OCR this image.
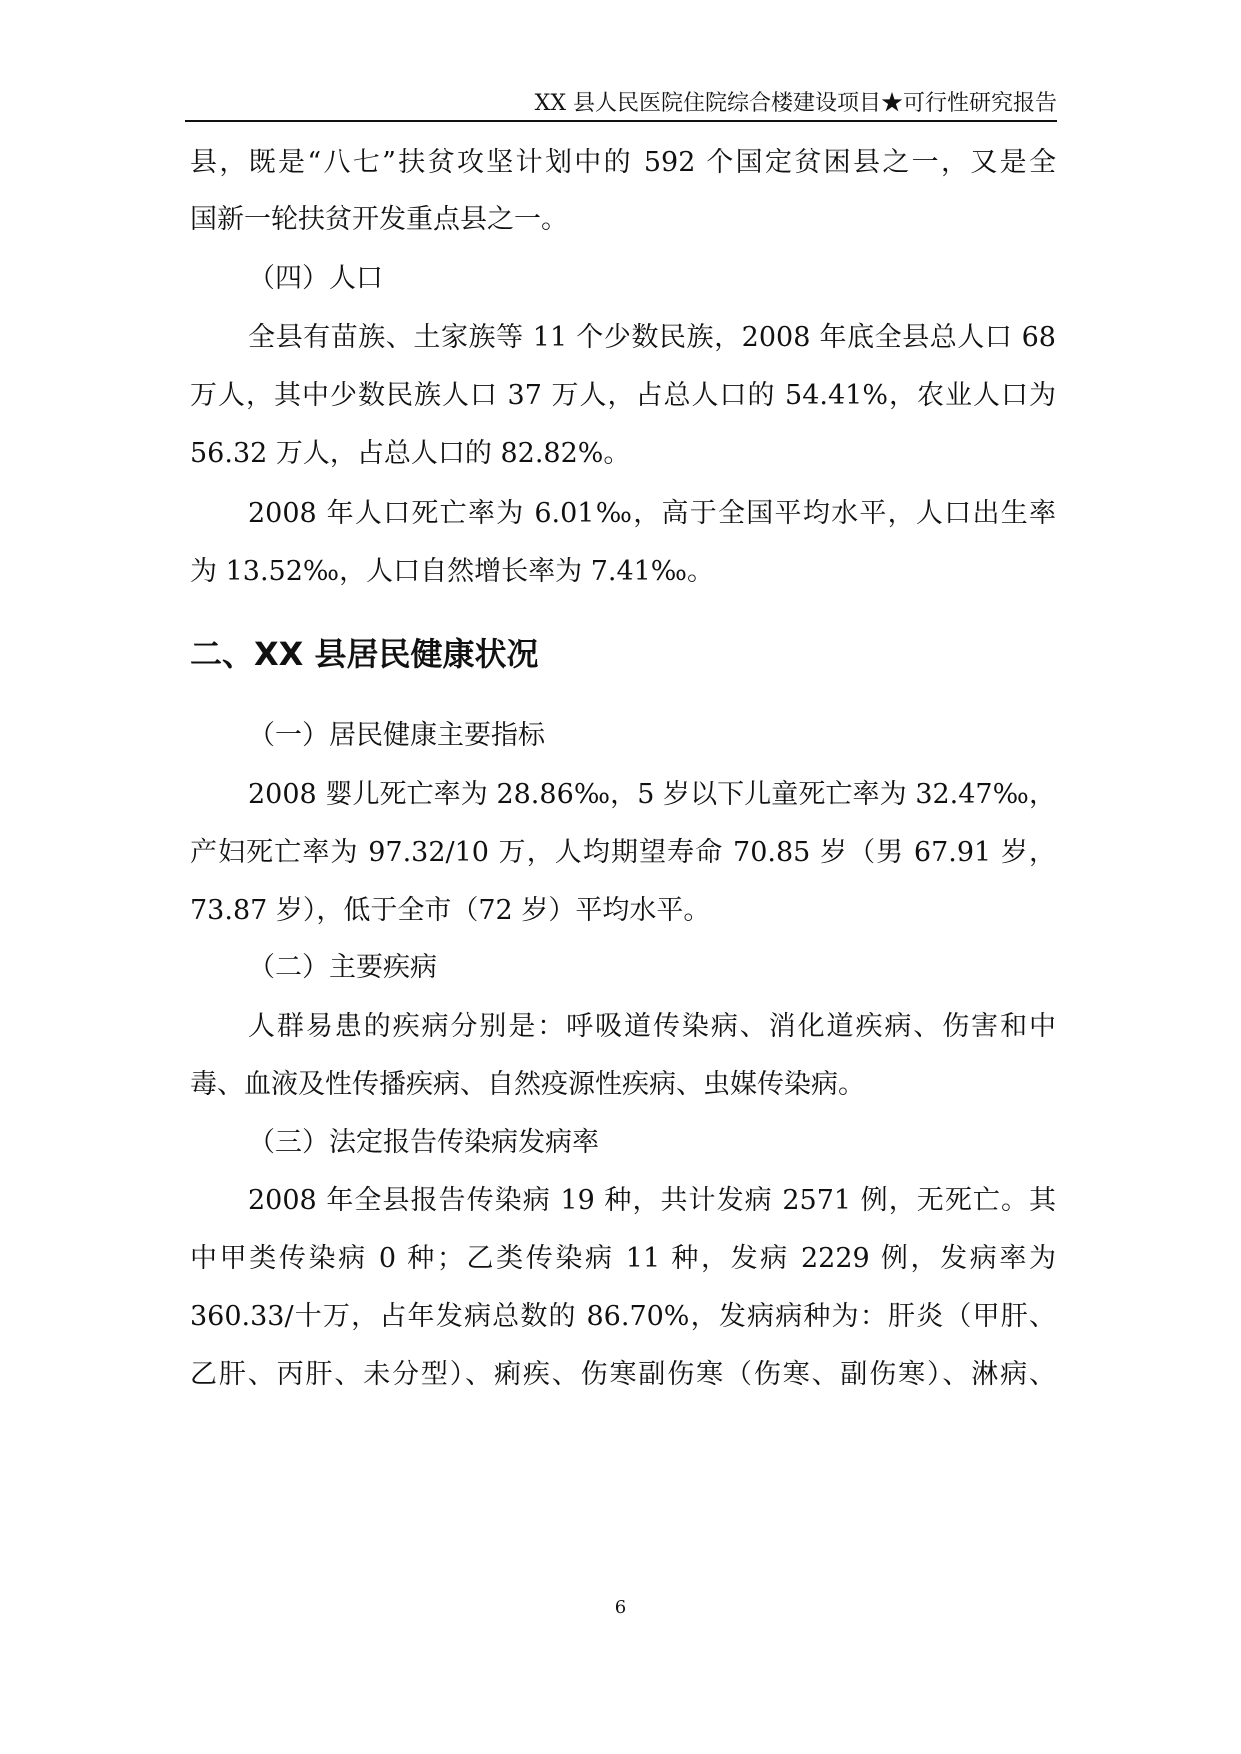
XX 县人民医院住院综合楼建设项目★可行性研究报告
县，既是“八七”扶贫攻坚计划中的 592 个国定贫困县之一，又是全
国新一轮扶贫开发重点县之一。
（四）人口
全县有苗族、土家族等 11 个少数民族，2008 年底全县总人口 68
万人，其中少数民族人口 37 万人，占总人口的 54.41%，农业人口为
56.32 万人，占总人口的 82.82%。
2008 年人口死亡率为 6.01‰，高于全国平均水平，人口出生率
为 13.52‰，人口自然增长率为 7.41‰。
二、XX 县居民健康状况
（一）居民健康主要指标
2008 婴儿死亡率为 28.86‰，5 岁以下儿童死亡率为 32.47‰，
产妇死亡率为 97.32/10 万，人均期望寿命 70.85 岁（男 67.91 岁，
73.87 岁），低于全市（72 岁）平均水平。
（二）主要疾病
人群易患的疾病分别是：呼吸道传染病、消化道疾病、伤害和中
毒、血液及性传播疾病、自然疫源性疾病、虫媒传染病。
（三）法定报告传染病发病率
2008 年全县报告传染病 19 种，共计发病 2571 例，无死亡。其
中甲类传染病 0 种；乙类传染病 11 种，发病 2229 例，发病率为
360.33/十万，占年发病总数的 86.70%，发病病种为：肝炎（甲肝、
乙肝、丙肝、未分型）、痢疾、伤寒副伤寒（伤寒、副伤寒）、淋病、
6
